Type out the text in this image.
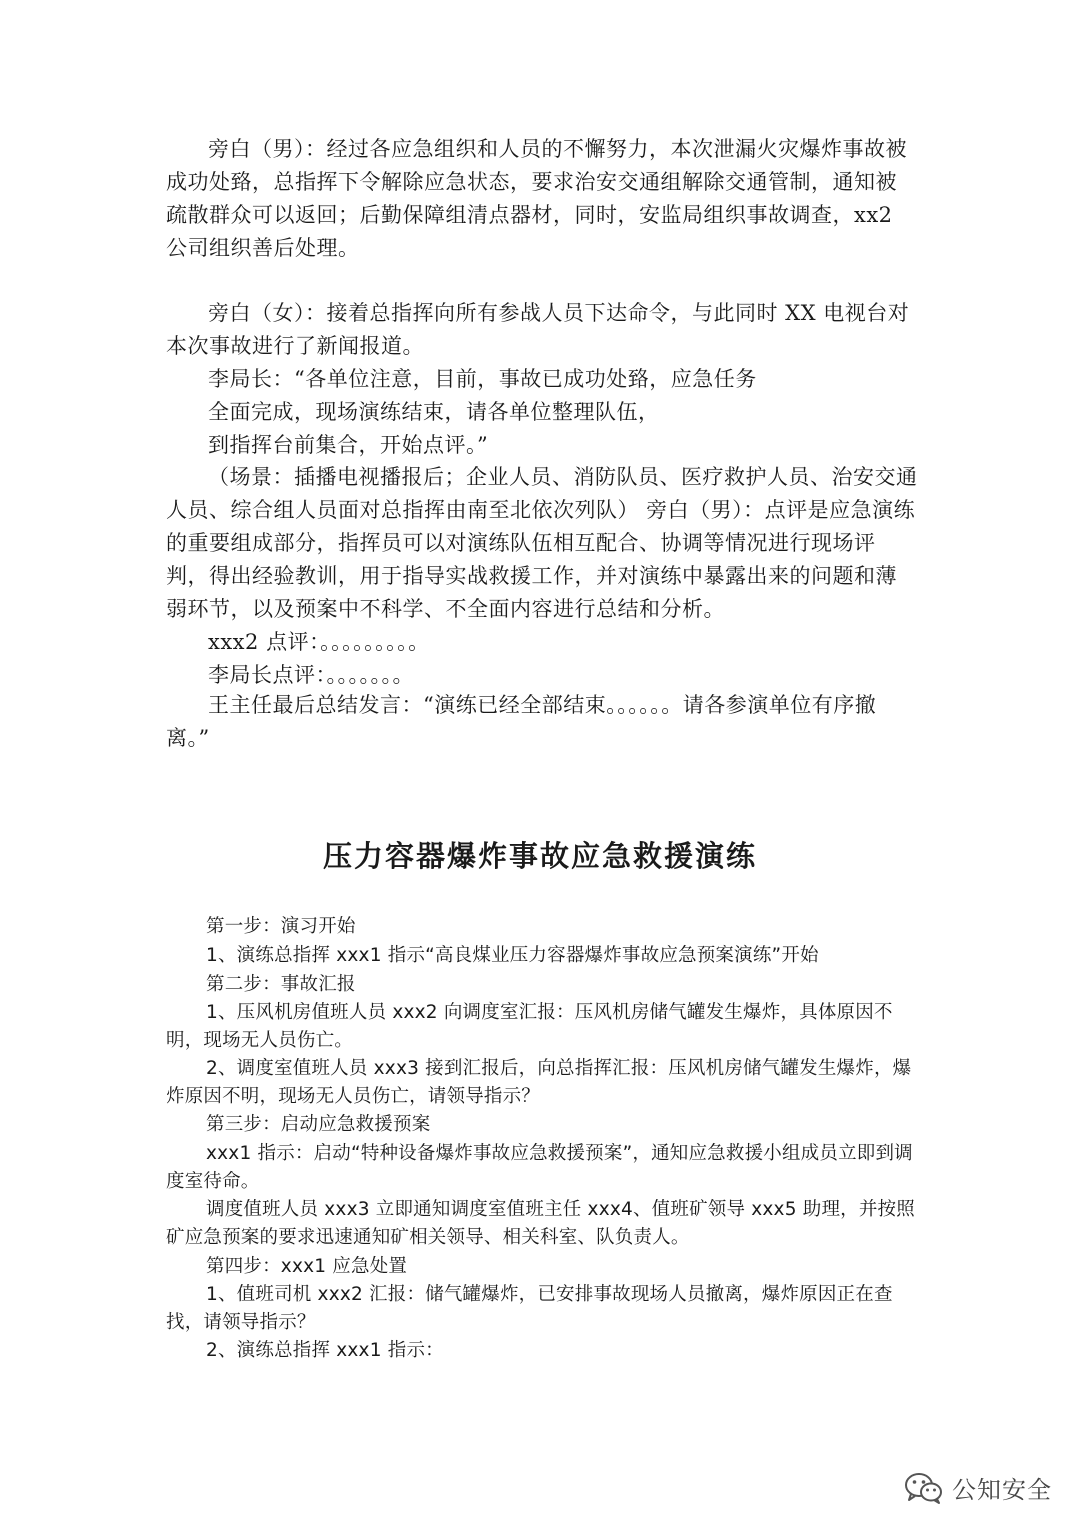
旁白（男）：经过各应急组织和人员的不懈努力，本次泄漏火灾爆炸事故被成功处臵，总指挥下令解除应急状态，要求治安交通组解除交通管制，通知被疏散群众可以返回；后勤保障组清点器材，同时，安监局组织事故调查，xx2 公司组织善后处理。

旁白（女）：接着总指挥向所有参战人员下达命令，与此同时 XX 电视台对本次事故进行了新闻报道。

李局长：“各单位注意，目前，事故已成功处臵，应急任务

全面完成，现场演练结束，请各单位整理队伍，

到指挥台前集合，开始点评。”

（场景：插播电视播报后；企业人员、消防队员、医疗救护人员、治安交通人员、综合组人员面对总指挥由南至北依次列队） 旁白（男）：点评是应急演练的重要组成部分，指挥员可以对演练队伍相互配合、协调等情况进行现场评判，得出经验教训，用于指导实战救援工作，并对演练中暴露出来的问题和薄弱环节，以及预案中不科学、不全面内容进行总结和分析。

xxx2 点评：。。。。。。。。。

李局长点评：。。。。。。。

王主任最后总结发言：“演练已经全部结束。。。。。。请各参演单位有序撤离。”

压力容器爆炸事故应急救援演练

第一步：演习开始

1、演练总指挥 xxx1 指示“高良煤业压力容器爆炸事故应急预案演练”开始

第二步：事故汇报

1、压风机房值班人员 xxx2 向调度室汇报：压风机房储气罐发生爆炸，具体原因不明，现场无人员伤亡。

2、调度室值班人员 xxx3 接到汇报后，向总指挥汇报：压风机房储气罐发生爆炸，爆炸原因不明，现场无人员伤亡，请领导指示？

第三步：启动应急救援预案

xxx1 指示：启动“特种设备爆炸事故应急救援预案”，通知应急救援小组成员立即到调度室待命。

调度值班人员 xxx3 立即通知调度室值班主任 xxx4、值班矿领导 xxx5 助理，并按照矿应急预案的要求迅速通知矿相关领导、相关科室、队负责人。

第四步：xxx1 应急处置

1、值班司机 xxx2 汇报：储气罐爆炸，已安排事故现场人员撤离，爆炸原因正在查找，请领导指示？

2、演练总指挥 xxx1 指示：

公知安全
